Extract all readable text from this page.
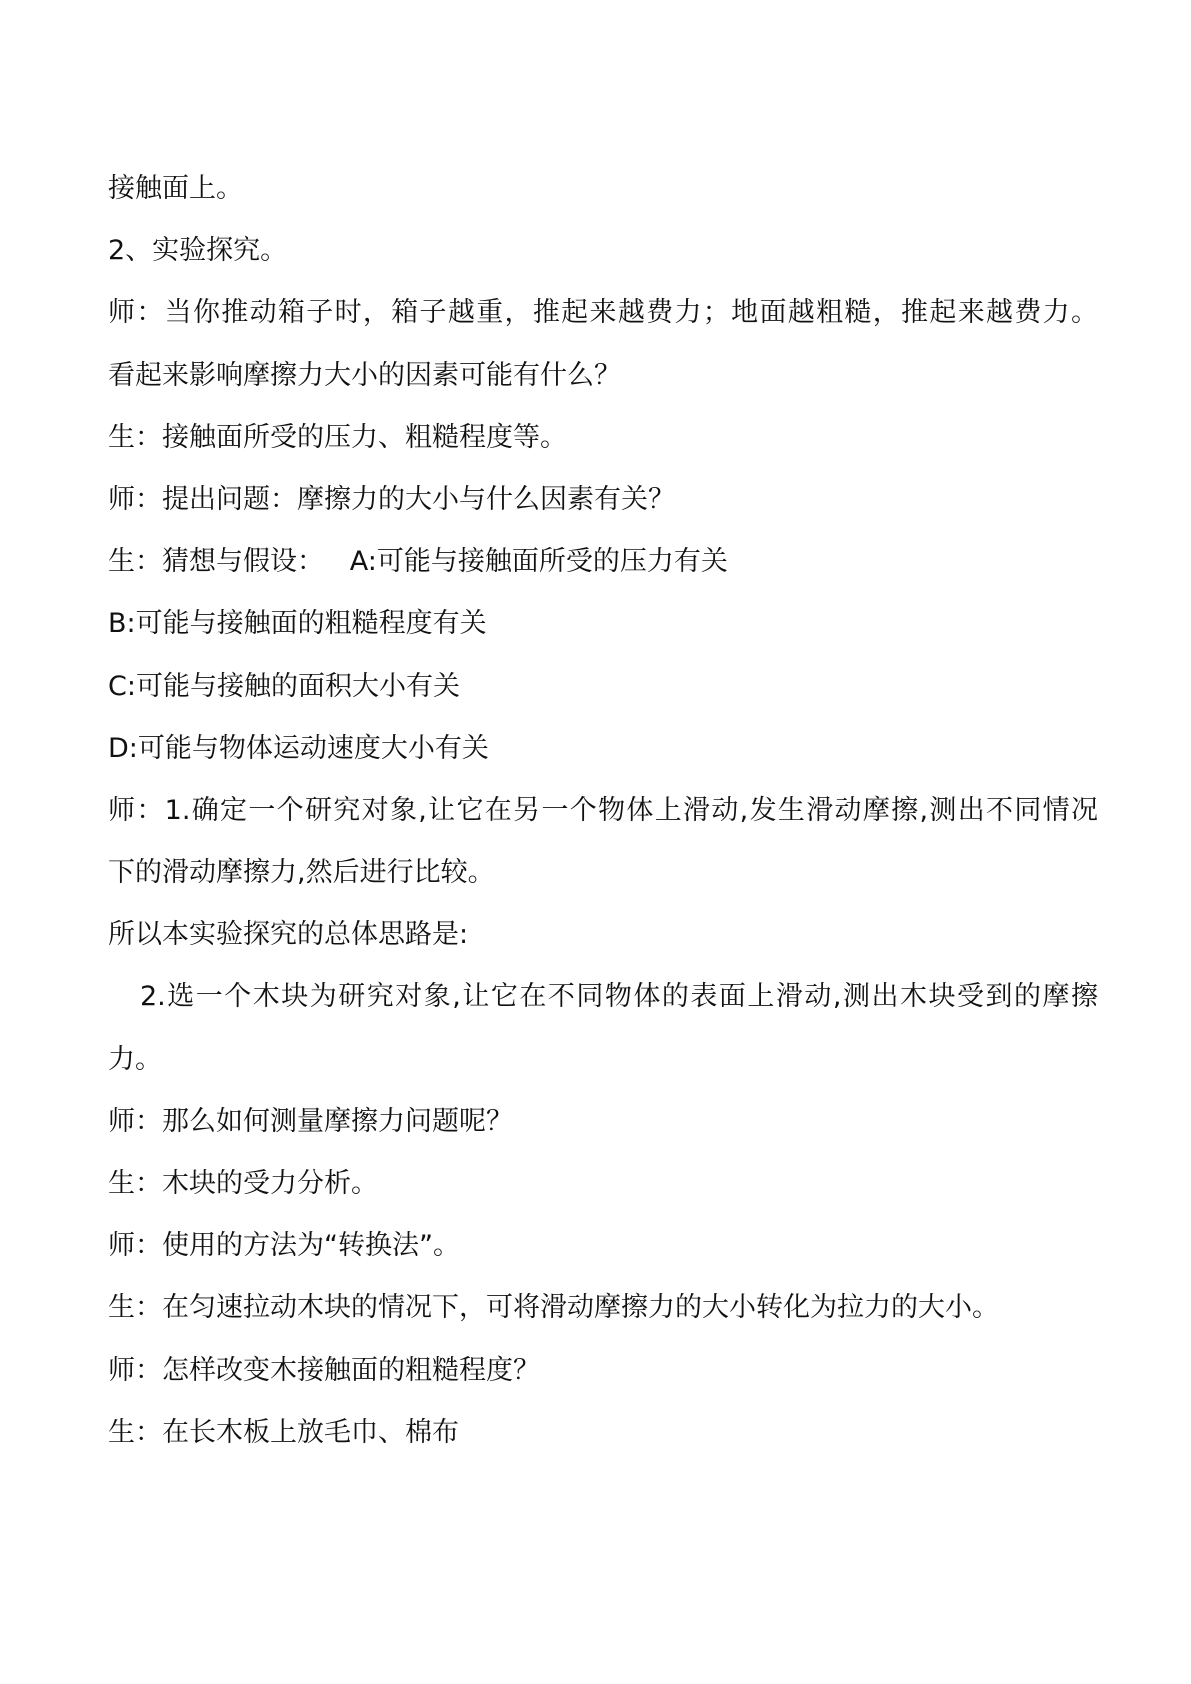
接触面上。
2、实验探究。
师：当你推动箱子时，箱子越重，推起来越费力；地面越粗糙，推起来越费力。
看起来影响摩擦力大小的因素可能有什么？
生：接触面所受的压力、粗糙程度等。
师：提出问题：摩擦力的大小与什么因素有关？
生：猜想与假设：   A:可能与接触面所受的压力有关
B:可能与接触面的粗糙程度有关
C:可能与接触的面积大小有关
D:可能与物体运动速度大小有关
师：1.确定一个研究对象,让它在另一个物体上滑动,发生滑动摩擦,测出不同情况
下的滑动摩擦力,然后进行比较。
所以本实验探究的总体思路是:
2.选一个木块为研究对象,让它在不同物体的表面上滑动,测出木块受到的摩擦
力。
师：那么如何测量摩擦力问题呢？
生：木块的受力分析。
师：使用的方法为“转换法”。
生：在匀速拉动木块的情况下，可将滑动摩擦力的大小转化为拉力的大小。
师：怎样改变木接触面的粗糙程度？
生：在长木板上放毛巾、棉布
